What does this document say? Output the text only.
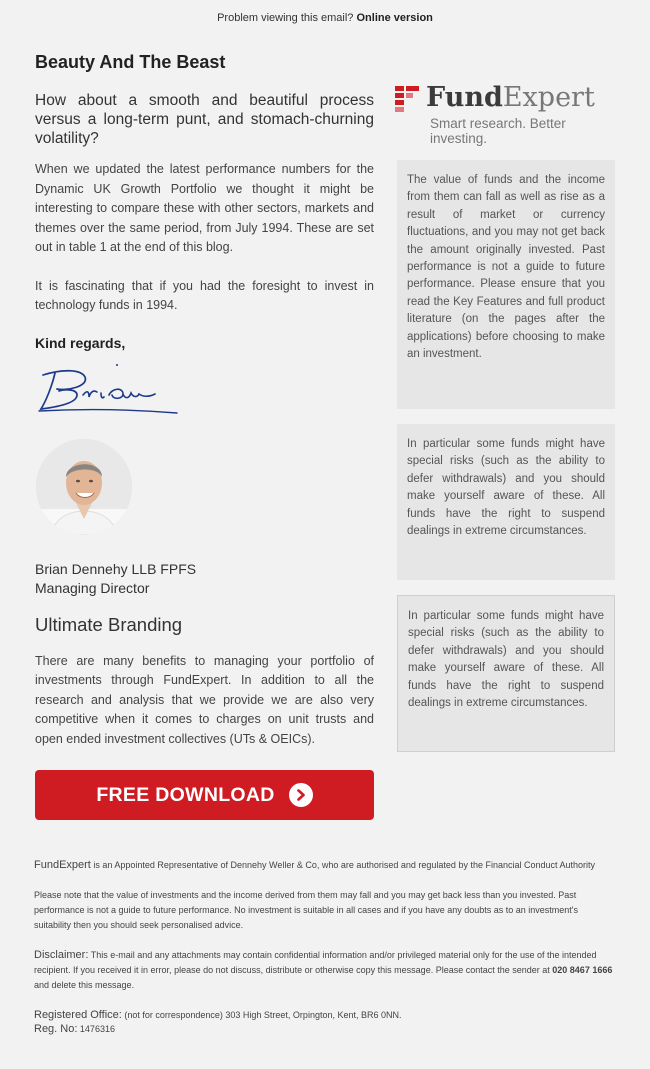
Problem viewing this email? Online version
Beauty And The Beast

How about a smooth and beautiful process versus a long-term punt, and stomach-churning volatility?

When we updated the latest performance numbers for the Dynamic UK Growth Portfolio we thought it might be interesting to compare these with other sectors, markets and themes over the same period, from July 1994. These are set out in table 1 at the end of this blog.

It is fascinating that if you had the foresight to invest in technology funds in 1994.

Kind regards,
Brian Dennehy LLB FPFS
Managing Director
Ultimate Branding

There are many benefits to managing your portfolio of investments through FundExpert. In addition to all the research and analysis that we provide we are also very competitive when it comes to charges on unit trusts and open ended investment collectives (UTs & OEICs).

FREE DOWNLOAD
FundExpert
Smart research. Better investing.
The value of funds and the income from them can fall as well as rise as a result of market or currency fluctuations, and you may not get back the amount originally invested. Past performance is not a guide to future performance. Please ensure that you read the Key Features and full product literature (on the pages after the applications) before choosing to make an investment.
In particular some funds might have special risks (such as the ability to defer withdrawals) and you should make yourself aware of these. All funds have the right to suspend dealings in extreme circumstances.
In particular some funds might have special risks (such as the ability to defer withdrawals) and you should make yourself aware of these. All funds have the right to suspend dealings in extreme circumstances.

FundExpert is an Appointed Representative of Dennehy Weller & Co, who are authorised and regulated by the Financial Conduct Authority

Please note that the value of investments and the income derived from them may fall and you may get back less than you invested. Past performance is not a guide to future performance. No investment is suitable in all cases and if you have any doubts as to an investment's suitability then you should seek personalised advice.

Disclaimer: This e-mail and any attachments may contain confidential information and/or privileged material only for the use of the intended recipient. If you received it in error, please do not discuss, distribute or otherwise copy this message. Please contact the sender at 020 8467 1666 and delete this message.

Registered Office: (not for correspondence) 303 High Street, Orpington, Kent, BR6 0NN.
Reg. No: 1476316
